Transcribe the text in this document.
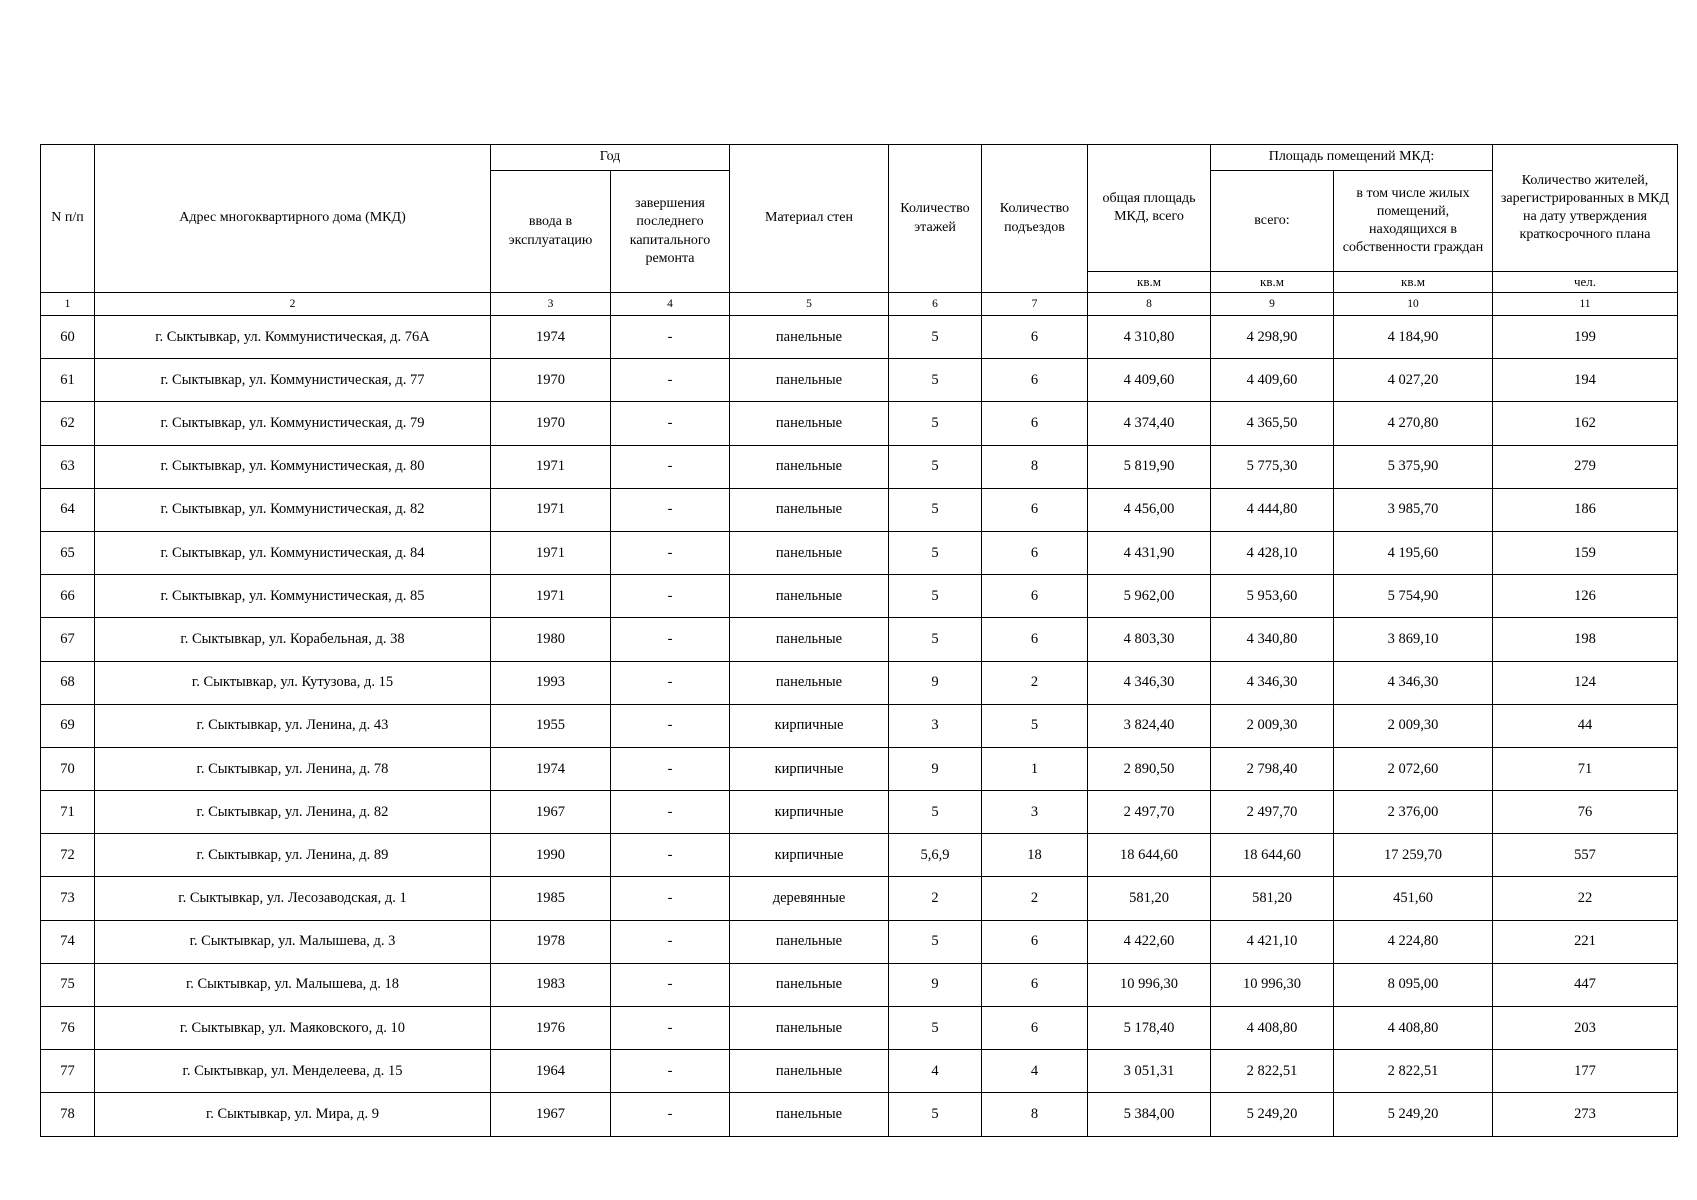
N п/п	Адрес многоквартирного дома (МКД)	Год		Материал стен	Количество этажей	Количество подъездов	общая площадь МКД, всего	Площадь помещений МКД:		Количество жителей, зарегистрированных в МКД на дату утверждения краткосрочного плана
		ввода в эксплуатацию	завершения последнего капитального ремонта					всего:	в том числе жилых помещений, находящихся в собственности граждан	
							кв.м	кв.м	кв.м	чел.
1	2	3	4	5	6	7	8	9	10	11
60	г. Сыктывкар, ул. Коммунистическая, д. 76А	1974	-	панельные	5	6	4 310,80	4 298,90	4 184,90	199
61	г. Сыктывкар, ул. Коммунистическая, д. 77	1970	-	панельные	5	6	4 409,60	4 409,60	4 027,20	194
62	г. Сыктывкар, ул. Коммунистическая, д. 79	1970	-	панельные	5	6	4 374,40	4 365,50	4 270,80	162
63	г. Сыктывкар, ул. Коммунистическая, д. 80	1971	-	панельные	5	8	5 819,90	5 775,30	5 375,90	279
64	г. Сыктывкар, ул. Коммунистическая, д. 82	1971	-	панельные	5	6	4 456,00	4 444,80	3 985,70	186
65	г. Сыктывкар, ул. Коммунистическая, д. 84	1971	-	панельные	5	6	4 431,90	4 428,10	4 195,60	159
66	г. Сыктывкар, ул. Коммунистическая, д. 85	1971	-	панельные	5	6	5 962,00	5 953,60	5 754,90	126
67	г. Сыктывкар, ул. Корабельная, д. 38	1980	-	панельные	5	6	4 803,30	4 340,80	3 869,10	198
68	г. Сыктывкар, ул. Кутузова, д. 15	1993	-	панельные	9	2	4 346,30	4 346,30	4 346,30	124
69	г. Сыктывкар, ул. Ленина, д. 43	1955	-	кирпичные	3	5	3 824,40	2 009,30	2 009,30	44
70	г. Сыктывкар, ул. Ленина, д. 78	1974	-	кирпичные	9	1	2 890,50	2 798,40	2 072,60	71
71	г. Сыктывкар, ул. Ленина, д. 82	1967	-	кирпичные	5	3	2 497,70	2 497,70	2 376,00	76
72	г. Сыктывкар, ул. Ленина, д. 89	1990	-	кирпичные	5,6,9	18	18 644,60	18 644,60	17 259,70	557
73	г. Сыктывкар, ул. Лесозаводская, д. 1	1985	-	деревянные	2	2	581,20	581,20	451,60	22
74	г. Сыктывкар, ул. Малышева, д. 3	1978	-	панельные	5	6	4 422,60	4 421,10	4 224,80	221
75	г. Сыктывкар, ул. Малышева, д. 18	1983	-	панельные	9	6	10 996,30	10 996,30	8 095,00	447
76	г. Сыктывкар, ул. Маяковского, д. 10	1976	-	панельные	5	6	5 178,40	4 408,80	4 408,80	203
77	г. Сыктывкар, ул. Менделеева, д. 15	1964	-	панельные	4	4	3 051,31	2 822,51	2 822,51	177
78	г. Сыктывкар, ул. Мира, д. 9	1967	-	панельные	5	8	5 384,00	5 249,20	5 249,20	273
